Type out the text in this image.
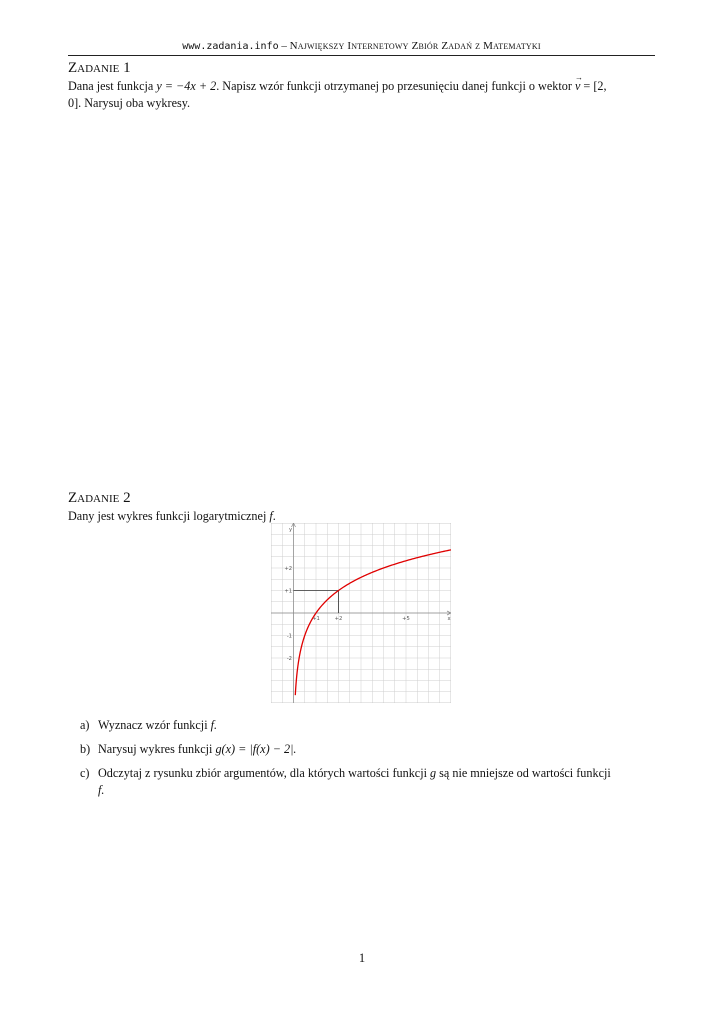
www.zadania.info – Największy Internetowy Zbiór Zadań z Matematyki
Zadanie 1
Dana jest funkcja y = −4x + 2. Napisz wzór funkcji otrzymanej po przesunięciu danej funkcji o wektor
→
v = [2,
0]. Narysuj oba wykresy.
Zadanie 2
Dany jest wykres funkcji logarytmicznej f.
+1	+2	+5
+2
+1
-1
-2
x
y
a) Wyznacz wzór funkcji f.
b) Narysuj wykres funkcji g(x) = |f(x) − 2|.
c) Odczytaj z rysunku zbiór argumentów, dla których wartości funkcji g są nie mniejsze od wartości funkcji
f.
1
